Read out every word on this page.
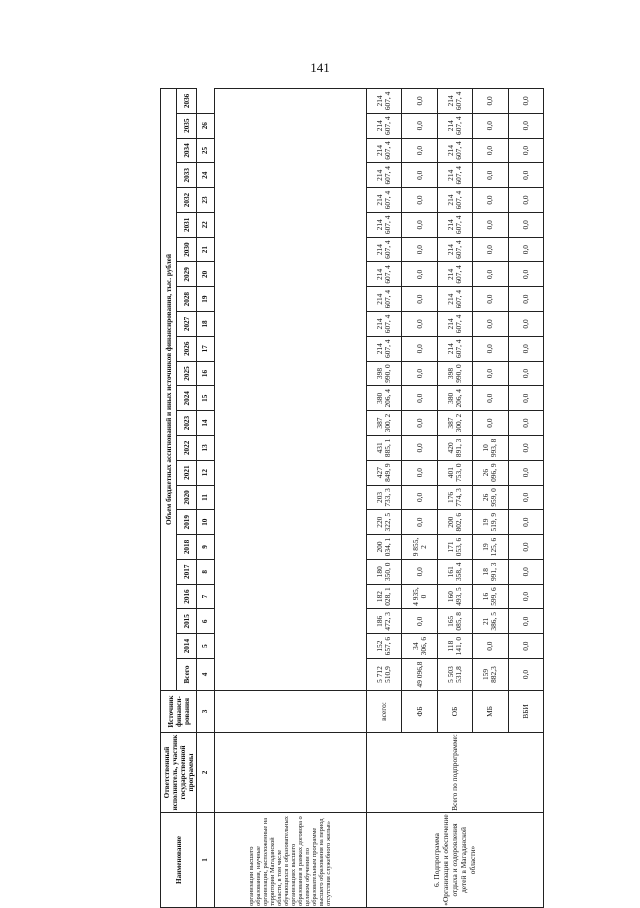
141
Наименование	Ответственный исполнитель, участник государственной программы	Источник финанси-рования	Объем бюджетных ассигнований и иных источников финансирования, тыс. рублей																							
			Всего	2014	2015	2016	2017	2018	2019	2020	2021	2022	2023	2024	2025	2026	2027	2028	2029	2030	2031	2032	2033	2034	2035	2036
1	2	3	4	5	6	7	8	9	10	11	12	13	14	15	16	17	18	19	20	21	22	23	24	25	26	
организации высшего образования, научные организации, расположенные на территории Магаданской области, в том числе обучающихся в образовательных организациях высшего образования в рамках договора о целевом обучении по образовательным программе высшего образования на период отсутствия служебного жилья»																										
6. Подпрограмма «Организация и обеспечение отдыха и оздоровления детей в Магаданской области»	Всего по подпрограмме:	всего:	5 712 510,9	152 657, 6	186 472, 3	182 028, 1	180 350, 0	200 034, 1	220 322, 5	203 733, 3	427 849, 9	431 885, 1	387 300, 2	380 206, 4	398 990, 0	214 607, 4	214 607, 4	214 607, 4	214 607, 4	214 607, 4	214 607, 4	214 607, 4	214 607, 4	214 607, 4	214 607, 4	214 607, 4
		ФБ	49 096,8	34 306, 6	0,0	4 935, 0	0,0	9 855, 2	0,0	0,0	0,0	0,0	0,0	0,0	0,0	0,0	0,0	0,0	0,0	0,0	0,0	0,0	0,0	0,0	0,0	0,0
		ОБ	5 503 531,8	118 141, 0	165 085, 8	160 493, 5	161 358, 4	171 053, 6	200 802, 6	176 774, 3	401 753, 0	420 891, 3	387 300, 2	380 206, 4	398 990, 0	214 607, 4	214 607, 4	214 607, 4	214 607, 4	214 607, 4	214 607, 4	214 607, 4	214 607, 4	214 607, 4	214 607, 4	214 607, 4
		МБ	159 882,3	0,0	21 386, 5	16 599, 6	18 991, 3	19 125, 6	19 519, 9	26 959, 0	26 096, 9	10 993, 8	0,0	0,0	0,0	0,0	0,0	0,0	0,0	0,0	0,0	0,0	0,0	0,0	0,0	0,0
		ВБИ	0,0	0,0	0,0	0,0	0,0	0,0	0,0	0,0	0,0	0,0	0,0	0,0	0,0	0,0	0,0	0,0	0,0	0,0	0,0	0,0	0,0	0,0	0,0	0,0
